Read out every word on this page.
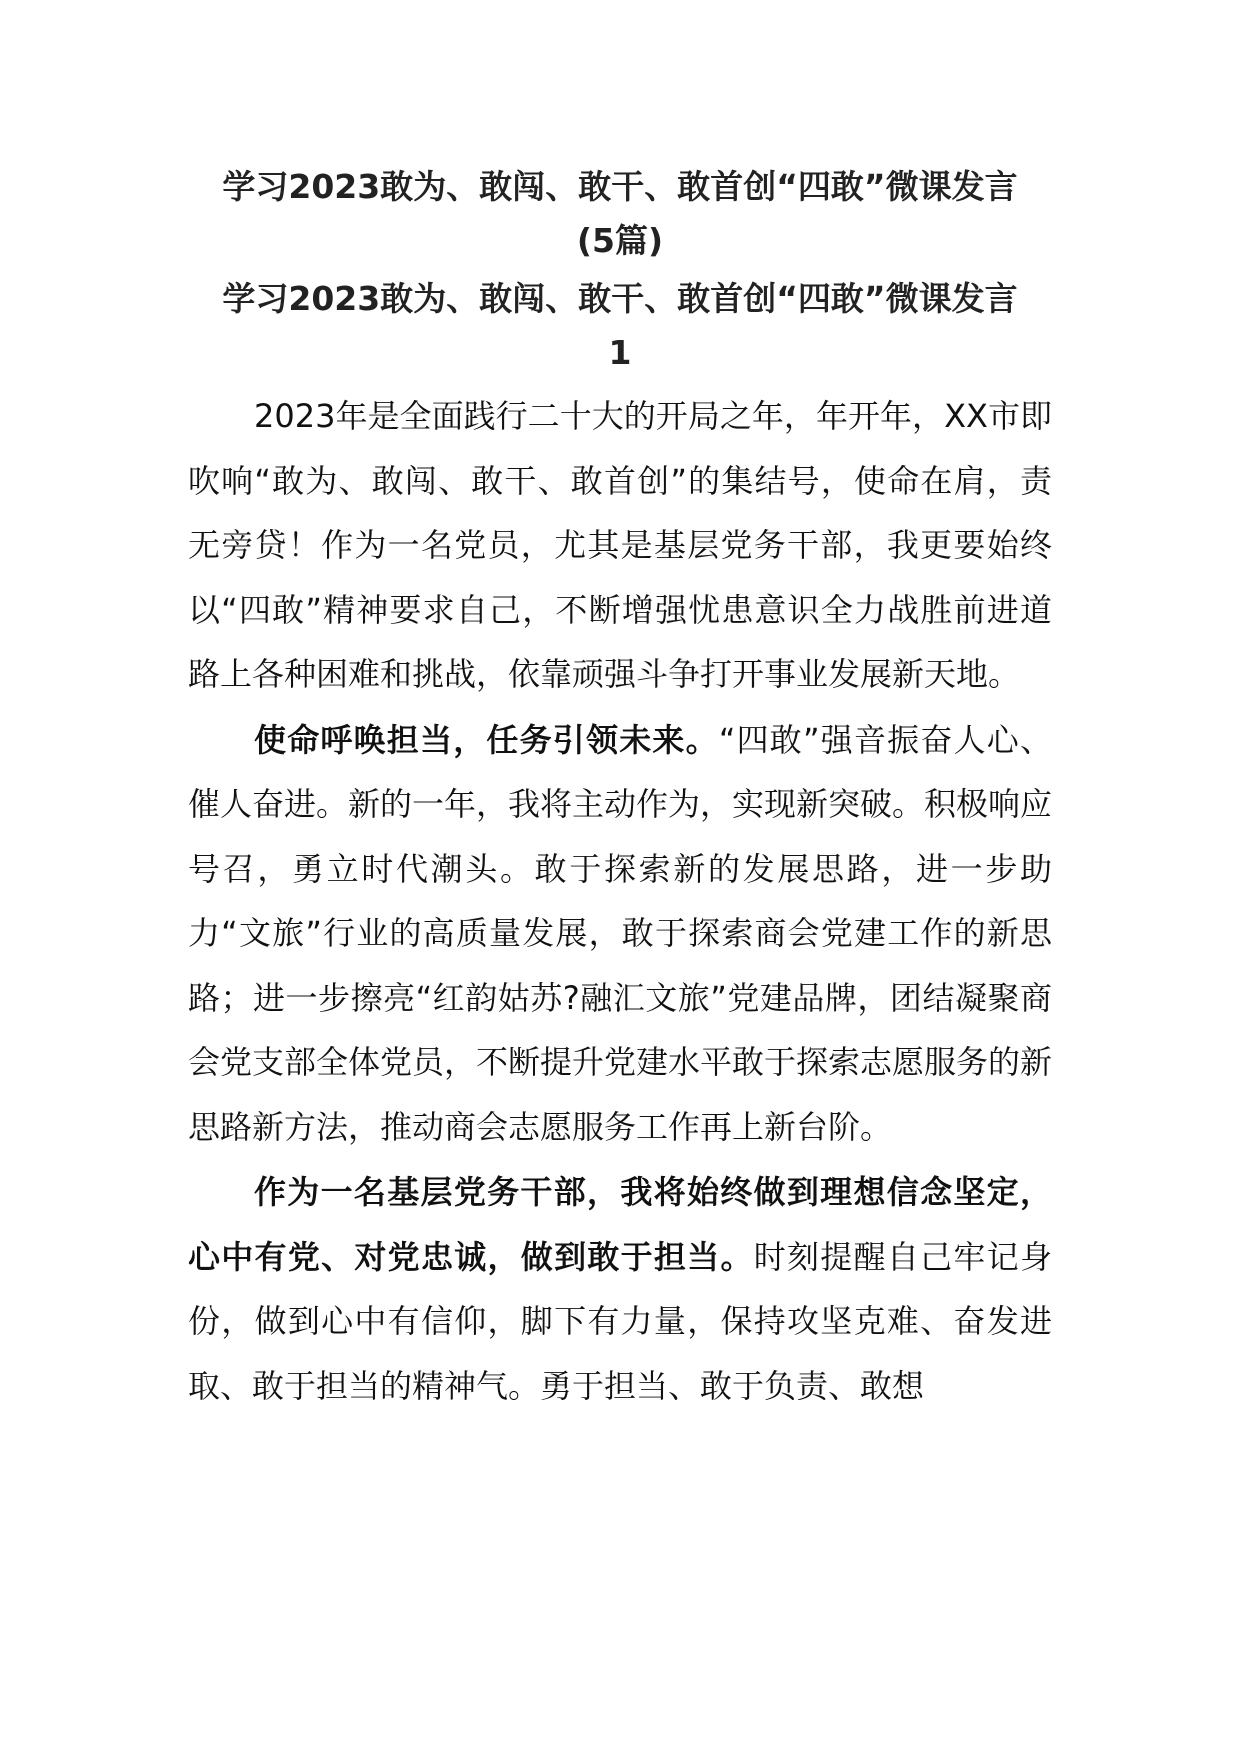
学习2023敢为、敢闯、敢干、敢首创“四敢”微课发言
(5篇)
学习2023敢为、敢闯、敢干、敢首创“四敢”微课发言
1

2023年是全面践行二十大的开局之年，年开年，XX市即吹响“敢为、敢闯、敢干、敢首创”的集结号，使命在肩，责无旁贷！作为一名党员，尤其是基层党务干部，我更要始终以“四敢”精神要求自己，不断增强忧患意识全力战胜前进道路上各种困难和挑战，依靠顽强斗争打开事业发展新天地。

使命呼唤担当，任务引领未来。“四敢”强音振奋人心、催人奋进。新的一年，我将主动作为，实现新突破。积极响应号召，勇立时代潮头。敢于探索新的发展思路，进一步助力“文旅”行业的高质量发展，敢于探索商会党建工作的新思路；进一步擦亮“红韵姑苏?融汇文旅”党建品牌，团结凝聚商会党支部全体党员，不断提升党建水平敢于探索志愿服务的新思路新方法，推动商会志愿服务工作再上新台阶。

作为一名基层党务干部，我将始终做到理想信念坚定，心中有党、对党忠诚，做到敢于担当。时刻提醒自己牢记身份，做到心中有信仰，脚下有力量，保持攻坚克难、奋发进取、敢于担当的精神气。勇于担当、敢于负责、敢想
